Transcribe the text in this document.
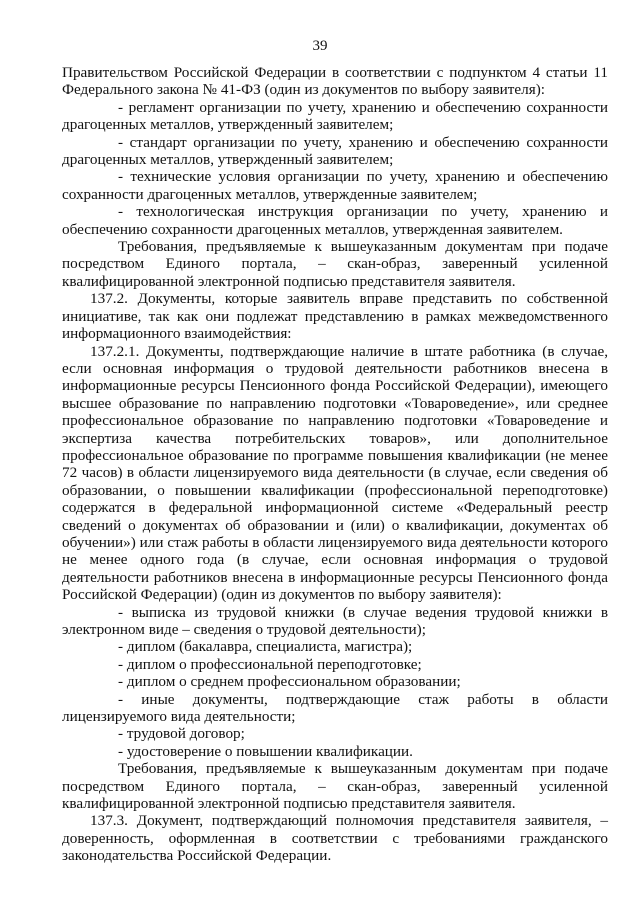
39

Правительством Российской Федерации в соответствии с подпунктом 4 статьи 11 Федерального закона № 41-ФЗ (один из документов по выбору заявителя):

- регламент организации по учету, хранению и обеспечению сохранности драгоценных металлов, утвержденный заявителем;

- стандарт организации по учету, хранению и обеспечению сохранности драгоценных металлов, утвержденный заявителем;

- технические условия организации по учету, хранению и обеспечению сохранности драгоценных металлов, утвержденные заявителем;

- технологическая инструкция организации по учету, хранению и обеспечению сохранности драгоценных металлов, утвержденная заявителем.

Требования, предъявляемые к вышеуказанным документам при подаче посредством Единого портала, – скан-образ, заверенный усиленной квалифицированной электронной подписью представителя заявителя.

137.2. Документы, которые заявитель вправе представить по собственной инициативе, так как они подлежат представлению в рамках межведомственного информационного взаимодействия:

137.2.1. Документы, подтверждающие наличие в штате работника (в случае, если основная информация о трудовой деятельности работников внесена в информационные ресурсы Пенсионного фонда Российской Федерации), имеющего высшее образование по направлению подготовки «Товароведение», или среднее профессиональное образование по направлению подготовки «Товароведение и экспертиза качества потребительских товаров», или дополнительное профессиональное образование по программе повышения квалификации (не менее 72 часов) в области лицензируемого вида деятельности (в случае, если сведения об образовании, о повышении квалификации (профессиональной переподготовке) содержатся в федеральной информационной системе «Федеральный реестр сведений о документах об образовании и (или) о квалификации, документах об обучении») или стаж работы в области лицензируемого вида деятельности которого не менее одного года (в случае, если основная информация о трудовой деятельности работников внесена в информационные ресурсы Пенсионного фонда Российской Федерации) (один из документов по выбору заявителя):

- выписка из трудовой книжки (в случае ведения трудовой книжки в электронном виде – сведения о трудовой деятельности);

- диплом (бакалавра, специалиста, магистра);

- диплом о профессиональной переподготовке;

- диплом о среднем профессиональном образовании;

- иные документы, подтверждающие стаж работы в области лицензируемого вида деятельности;

- трудовой договор;

- удостоверение о повышении квалификации.

Требования, предъявляемые к вышеуказанным документам при подаче посредством Единого портала, – скан-образ, заверенный усиленной квалифицированной электронной подписью представителя заявителя.

137.3. Документ, подтверждающий полномочия представителя заявителя, – доверенность, оформленная в соответствии с требованиями гражданского законодательства Российской Федерации.
